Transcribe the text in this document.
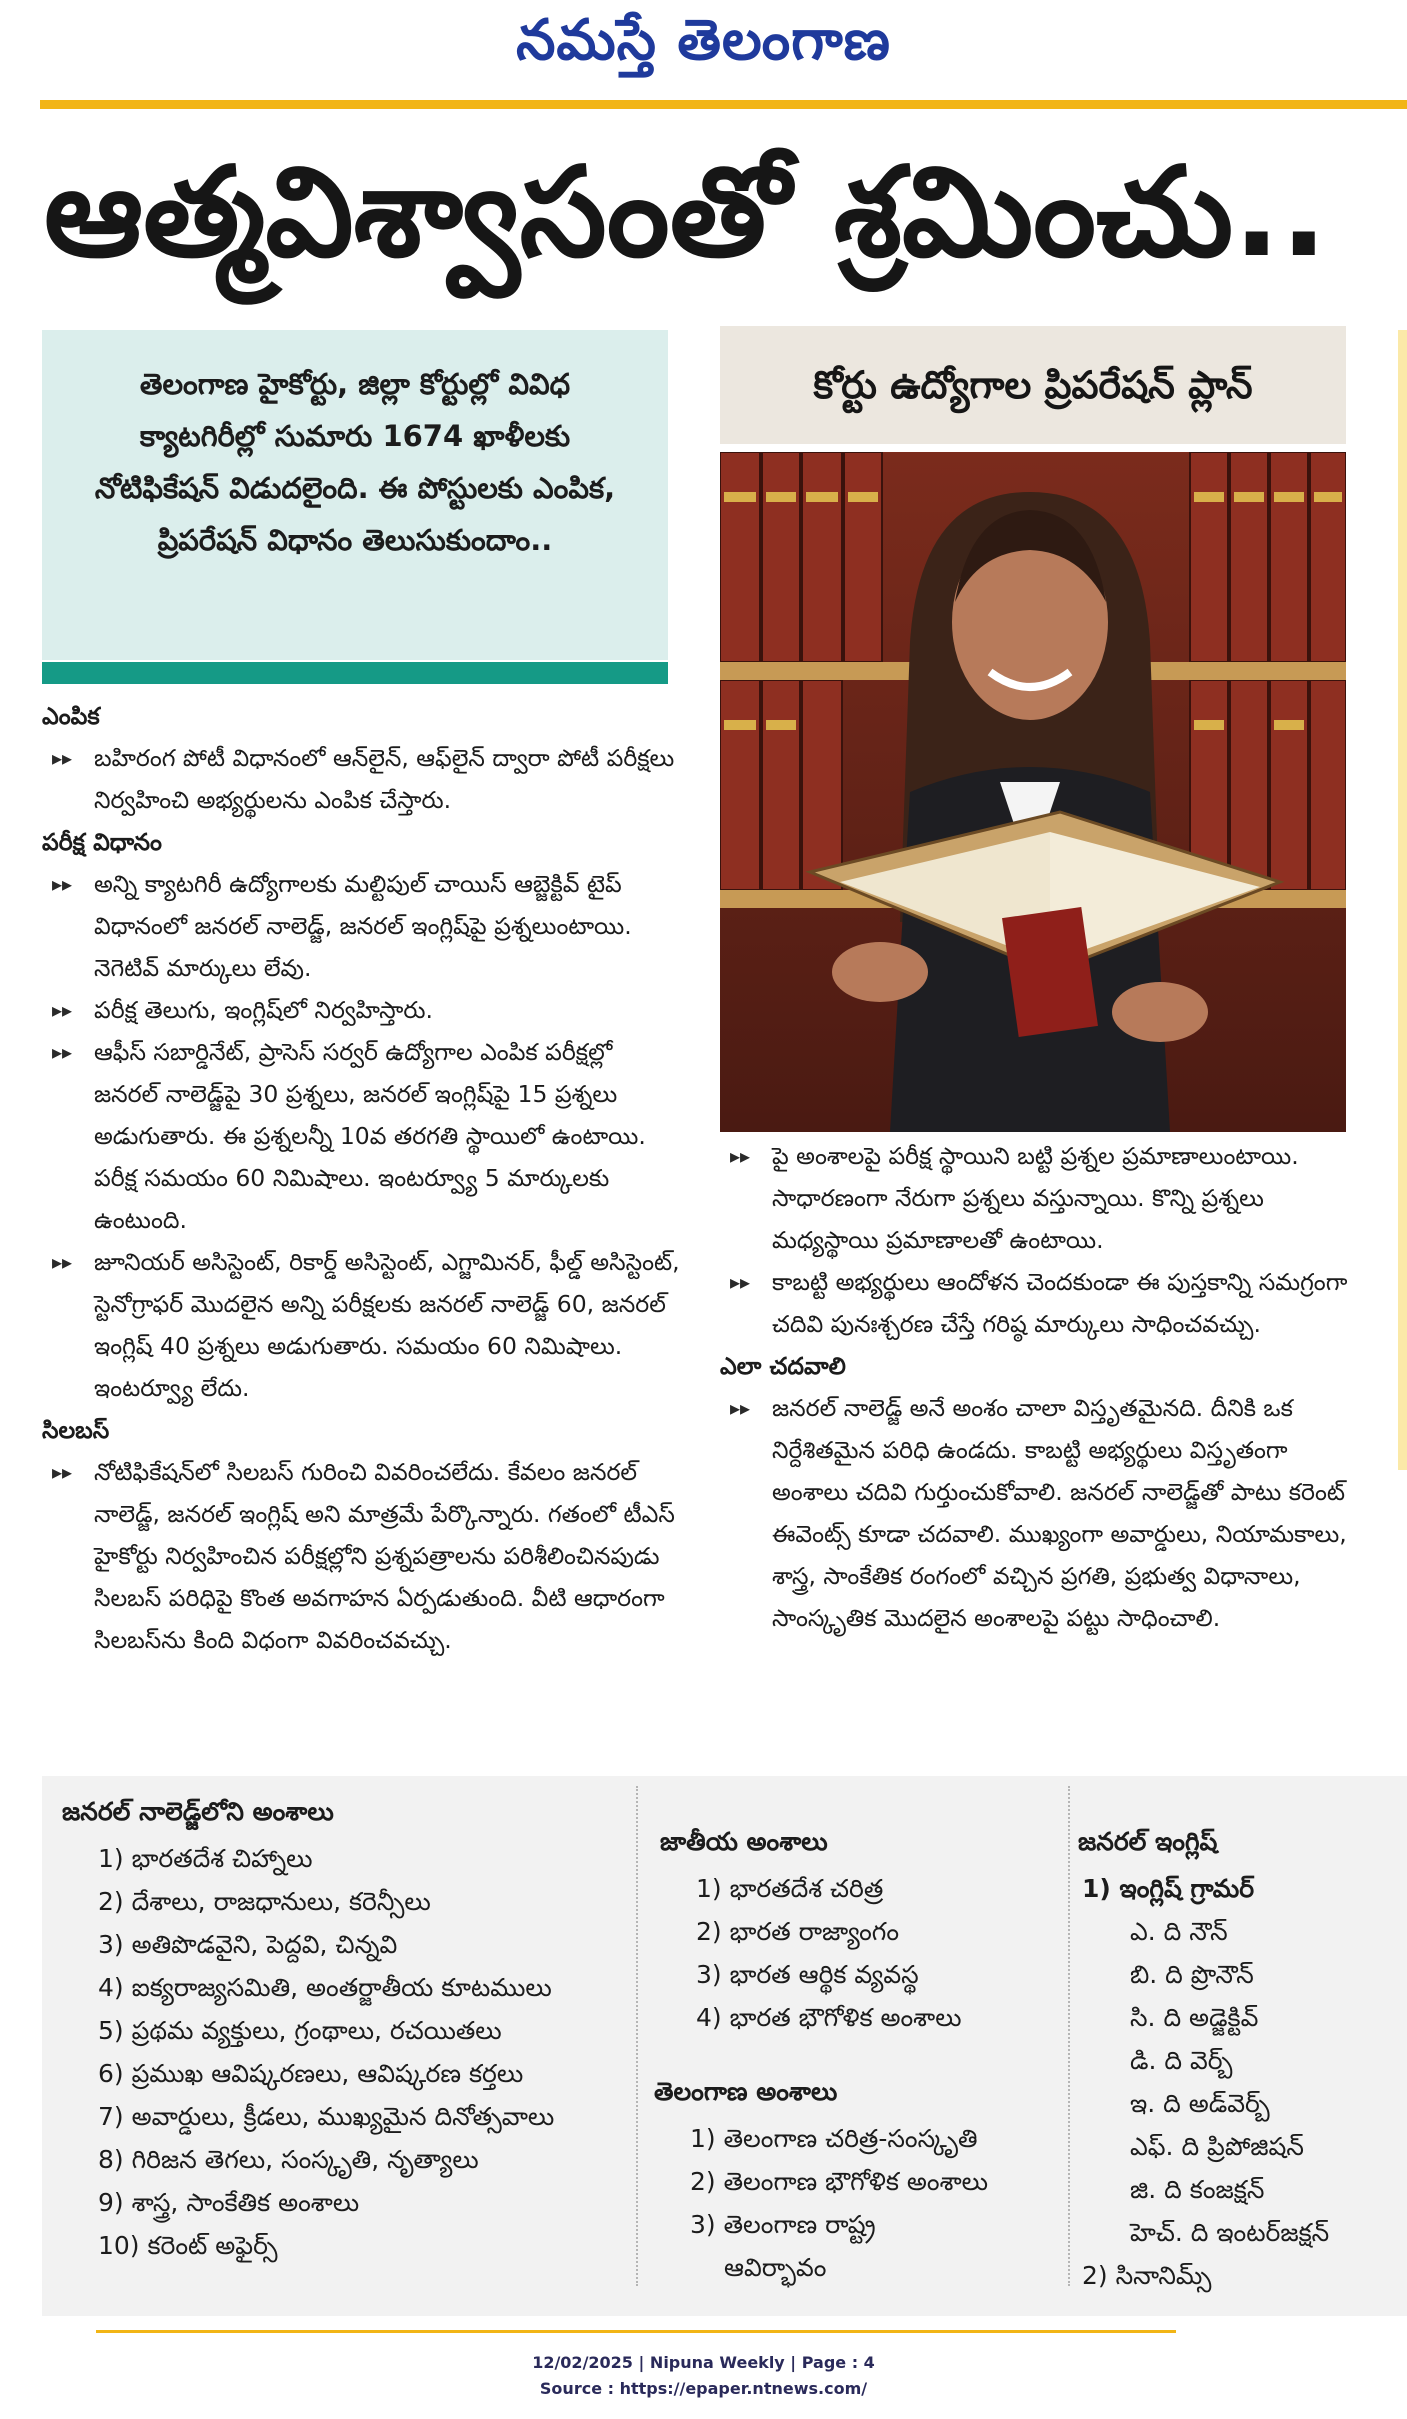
నమస్తే తెలంగాణ
ఆత్మవిశ్వాసంతో శ్రమించు..
తెలంగాణ హైకోర్టు, జిల్లా కోర్టుల్లో వివిధ క్యాటగిరీల్లో సుమారు 1674 ఖాళీలకు నోటిఫికేషన్ విడుదలైంది. ఈ పోస్టులకు ఎంపిక, ప్రిపరేషన్ విధానం తెలుసుకుందాం..
కోర్టు ఉద్యోగాల ప్రిపరేషన్ ప్లాన్

ఎంపిక

▸▸ బహిరంగ పోటీ విధానంలో ఆన్‌లైన్, ఆఫ్‌లైన్ ద్వారా పోటీ పరీక్షలు నిర్వహించి అభ్యర్థులను ఎంపిక చేస్తారు.

పరీక్ష విధానం

▸▸ అన్ని క్యాటగిరీ ఉద్యోగాలకు మల్టిపుల్ చాయిస్ ఆబ్జెక్టివ్ టైప్ విధానంలో జనరల్ నాలెడ్జ్, జనరల్ ఇంగ్లిష్‌పై ప్రశ్నలుంటాయి. నెగెటివ్ మార్కులు లేవు.

▸▸ పరీక్ష తెలుగు, ఇంగ్లిష్‌లో నిర్వహిస్తారు.

▸▸ ఆఫీస్ సబార్డినేట్, ప్రాసెస్ సర్వర్ ఉద్యోగాల ఎంపిక పరీక్షల్లో జనరల్ నాలెడ్జ్‌పై 30 ప్రశ్నలు, జనరల్ ఇంగ్లిష్‌పై 15 ప్రశ్నలు అడుగుతారు. ఈ ప్రశ్నలన్నీ 10వ తరగతి స్థాయిలో ఉంటాయి. పరీక్ష సమయం 60 నిమిషాలు. ఇంటర్వ్యూ 5 మార్కులకు ఉంటుంది.

▸▸ జూనియర్ అసిస్టెంట్, రికార్డ్ అసిస్టెంట్, ఎగ్జామినర్, ఫీల్డ్ అసిస్టెంట్, స్టెనోగ్రాఫర్ మొదలైన అన్ని పరీక్షలకు జనరల్ నాలెడ్జ్ 60, జనరల్ ఇంగ్లిష్ 40 ప్రశ్నలు అడుగుతారు. సమయం 60 నిమిషాలు. ఇంటర్వ్యూ లేదు.

సిలబస్

▸▸ నోటిఫికేషన్‌లో సిలబస్ గురించి వివరించలేదు. కేవలం జనరల్ నాలెడ్జ్, జనరల్ ఇంగ్లిష్ అని మాత్రమే పేర్కొన్నారు. గతంలో టీఎస్ హైకోర్టు నిర్వహించిన పరీక్షల్లోని ప్రశ్నపత్రాలను పరిశీలించినపుడు సిలబస్ పరిధిపై కొంత అవగాహన ఏర్పడుతుంది. వీటి ఆధారంగా సిలబస్‌ను కింది విధంగా వివరించవచ్చు.

▸▸ పై అంశాలపై పరీక్ష స్థాయిని బట్టి ప్రశ్నల ప్రమాణాలుంటాయి. సాధారణంగా నేరుగా ప్రశ్నలు వస్తున్నాయి. కొన్ని ప్రశ్నలు మధ్యస్థాయి ప్రమాణాలతో ఉంటాయి.

▸▸ కాబట్టి అభ్యర్థులు ఆందోళన చెందకుండా ఈ పుస్తకాన్ని సమగ్రంగా చదివి పునఃశ్చరణ చేస్తే గరిష్ఠ మార్కులు సాధించవచ్చు.

ఎలా చదవాలి

▸▸ జనరల్ నాలెడ్జ్ అనే అంశం చాలా విస్తృతమైనది. దీనికి ఒక నిర్దేశితమైన పరిధి ఉండదు. కాబట్టి అభ్యర్థులు విస్తృతంగా అంశాలు చదివి గుర్తుంచుకోవాలి. జనరల్ నాలెడ్జ్‌తో పాటు కరెంట్ ఈవెంట్స్ కూడా చదవాలి. ముఖ్యంగా అవార్డులు, నియామకాలు, శాస్త్ర, సాంకేతిక రంగంలో వచ్చిన ప్రగతి, ప్రభుత్వ విధానాలు, సాంస్కృతిక మొదలైన అంశాలపై పట్టు సాధించాలి.

జనరల్ నాలెడ్జ్‌లోని అంశాలు
1) భారతదేశ చిహ్నాలు
2) దేశాలు, రాజధానులు, కరెన్సీలు
3) అతిపొడవైని, పెద్దవి, చిన్నవి
4) ఐక్యరాజ్యసమితి, అంతర్జాతీయ కూటములు
5) ప్రథమ వ్యక్తులు, గ్రంథాలు, రచయితలు
6) ప్రముఖ ఆవిష్కరణలు, ఆవిష్కరణ కర్తలు
7) అవార్డులు, క్రీడలు, ముఖ్యమైన దినోత్సవాలు
8) గిరిజన తెగలు, సంస్కృతి, నృత్యాలు
9) శాస్త్ర, సాంకేతిక అంశాలు
10) కరెంట్ అఫైర్స్
జాతీయ అంశాలు
1) భారతదేశ చరిత్ర
2) భారత రాజ్యాంగం
3) భారత ఆర్థిక వ్యవస్థ
4) భారత భౌగోళిక అంశాలు
తెలంగాణ అంశాలు
1) తెలంగాణ చరిత్ర-సంస్కృతి
2) తెలంగాణ భౌగోళిక అంశాలు
3) తెలంగాణ రాష్ట్ర
ఆవిర్భావం
జనరల్ ఇంగ్లిష్
1) ఇంగ్లిష్ గ్రామర్
ఎ. ది నౌన్
బి. ది ప్రొనౌన్
సి. ది అడ్జెక్టివ్
డి. ది వెర్బ్
ఇ. ది అడ్‌వెర్బ్
ఎఫ్. ది ప్రిపోజిషన్
జి. ది కంజక్షన్
హెచ్. ది ఇంటర్‌జక్షన్
2) సినానిమ్స్
12/02/2025 | Nipuna Weekly | Page : 4
Source : https://epaper.ntnews.com/
